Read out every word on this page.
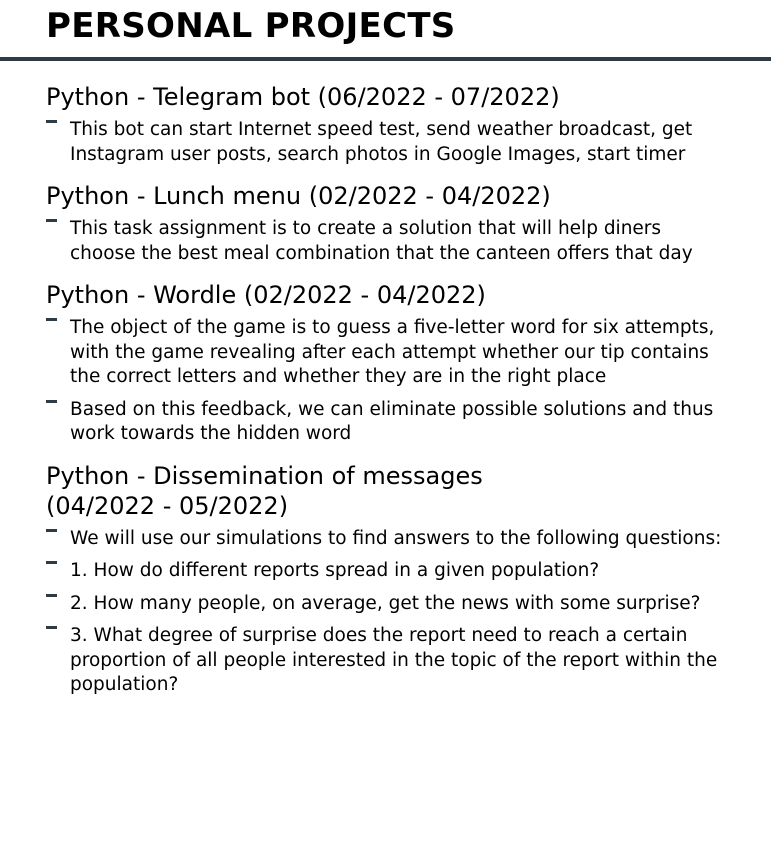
PERSONAL PROJECTS
Python - Telegram bot (06/2022 - 07/2022)
This bot can start Internet speed test, send weather broadcast, get Instagram user posts, search photos in Google Images, start timer
Python - Lunch menu (02/2022 - 04/2022)
This task assignment is to create a solution that will help diners choose the best meal combination that the canteen offers that day
Python - Wordle (02/2022 - 04/2022)
The object of the game is to guess a five-letter word for six attempts, with the game revealing after each attempt whether our tip contains the correct letters and whether they are in the right place
Based on this feedback, we can eliminate possible solutions and thus work towards the hidden word
Python - Dissemination of messages
(04/2022 - 05/2022)
We will use our simulations to find answers to the following questions:
1. How do different reports spread in a given population?
2. How many people, on average, get the news with some surprise?
3. What degree of surprise does the report need to reach a certain proportion of all people interested in the topic of the report within the population?
